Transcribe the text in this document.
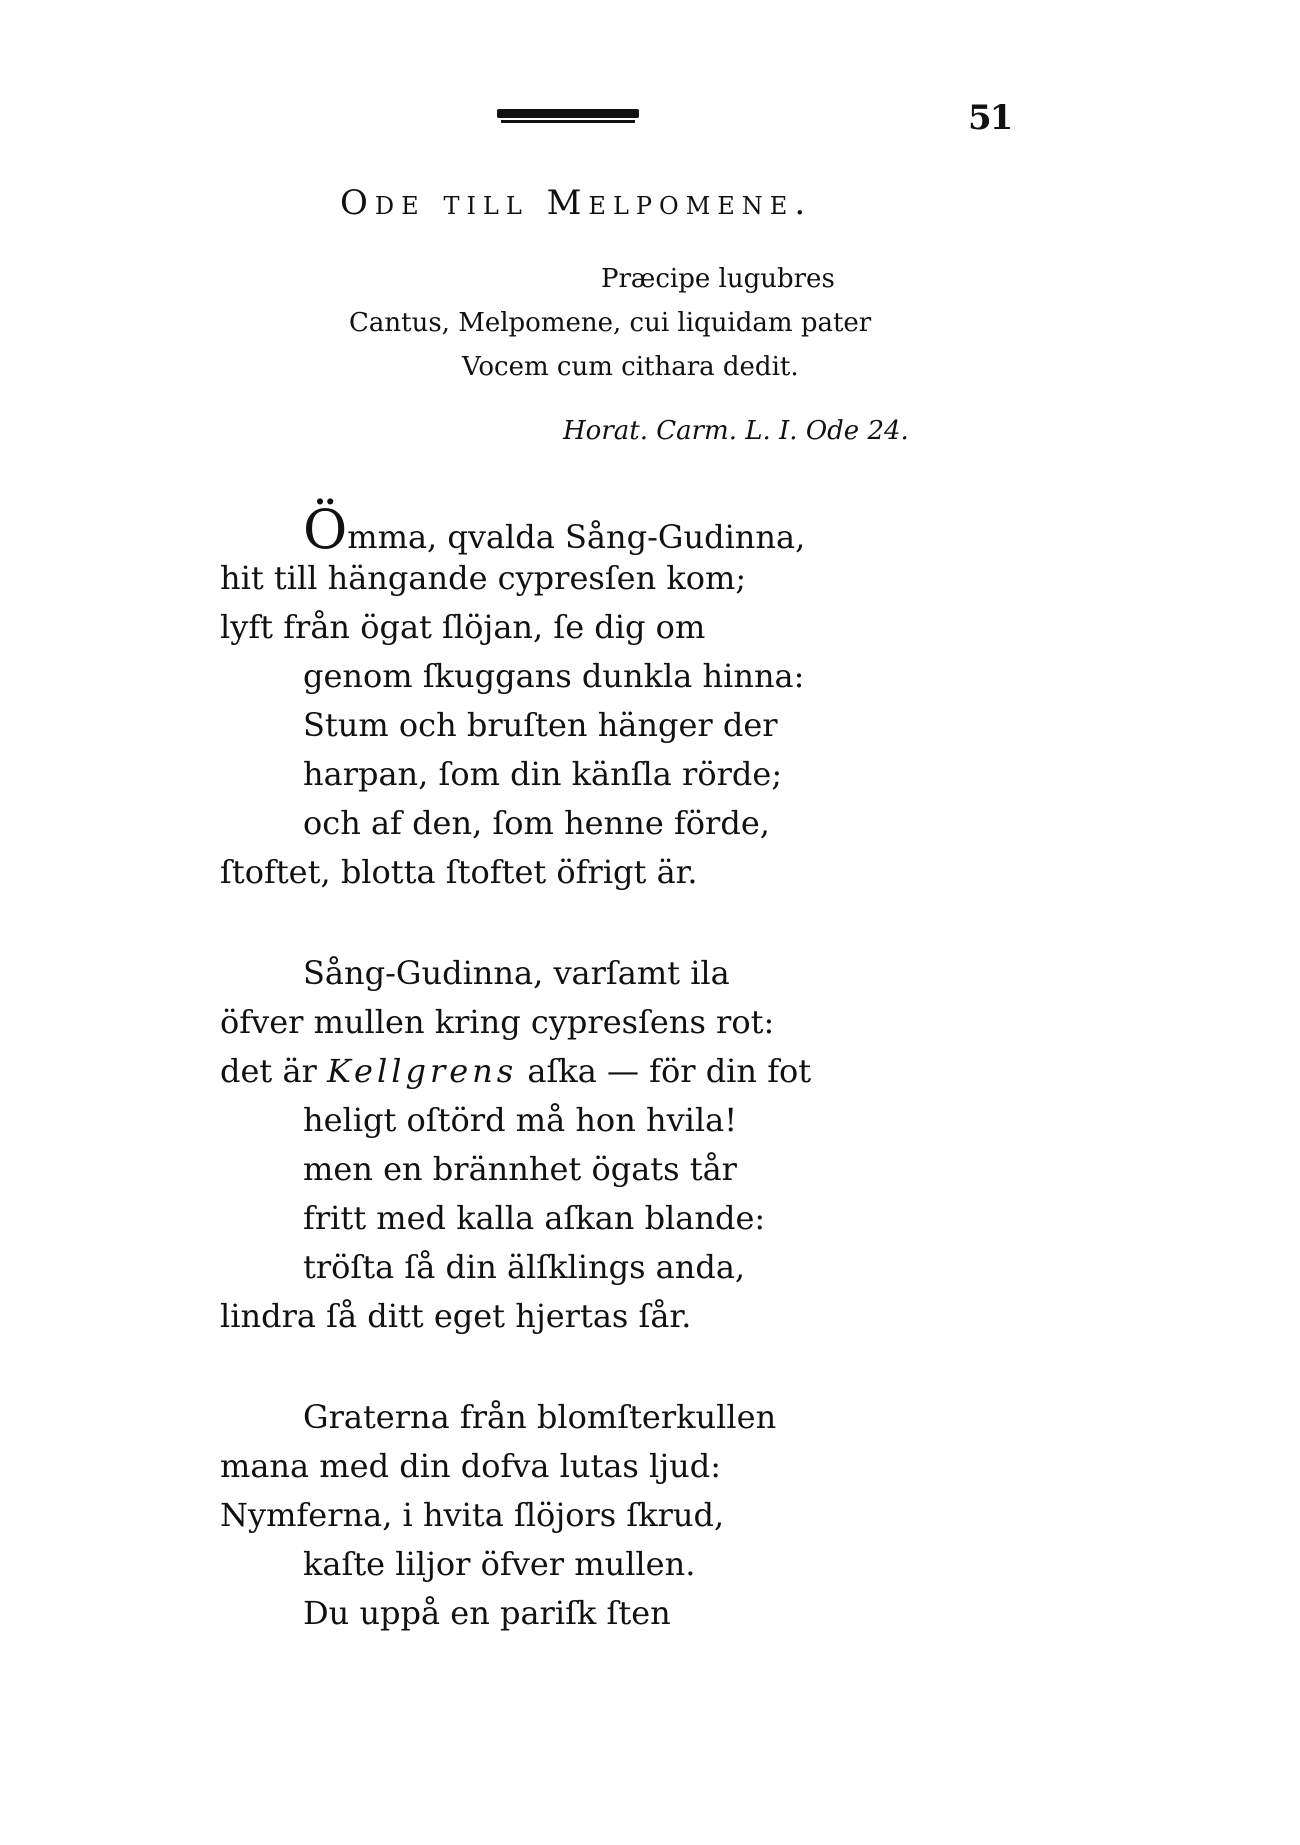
51
Ode till Melpomene.
Præcipe lugubres
Cantus, Melpomene, cui liquidam pater
Vocem cum cithara dedit.
Horat. Carm. L. I. Ode 24.
Ömma, qvalda Sång-Gudinna,
hit till hängande cypresſen kom;
lyft från ögat ſlöjan, ſe dig om
genom ſkuggans dunkla hinna:
Stum och bruſten hänger der
harpan, ſom din känſla rörde;
och af den, ſom henne förde,
ſtoftet, blotta ſtoftet öfrigt är.
Sång-Gudinna, varſamt ila
öfver mullen kring cypresſens rot:
det är Kellgrens aſka — för din fot
heligt oſtörd må hon hvila!
men en brännhet ögats tår
fritt med kalla aſkan blande:
tröſta ſå din älſklings anda,
lindra ſå ditt eget hjertas ſår.
Graterna från blomſterkullen
mana med din dofva lutas ljud:
Nymferna, i hvita ſlöjors ſkrud,
kaſte liljor öfver mullen.
Du uppå en pariſk ſten
